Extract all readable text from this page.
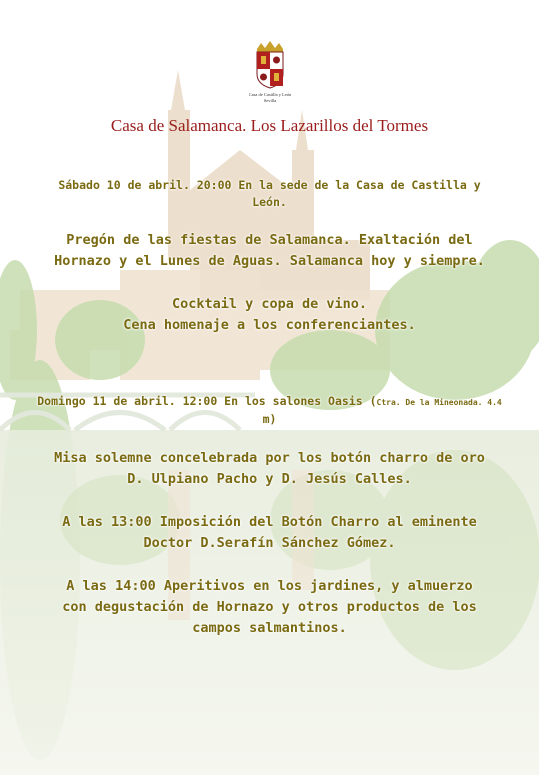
Casa de Castilla y León
Sevilla
Casa de Salamanca. Los Lazarillos del Tormes
Sábado 10 de abril. 20:00 En la sede de la Casa de Castilla y
León.
Pregón de las fiestas de Salamanca. Exaltación del
Hornazo y el Lunes de Aguas. Salamanca hoy y siempre.
Cocktail y copa de vino.
Cena homenaje a los conferenciantes.
Domingo 11 de abril. 12:00 En los salones Oasis (Ctra. De la Mineonada. 4.4
m)
Misa solemne concelebrada por los botón charro de oro
D. Ulpiano Pacho y D. Jesús Calles.
A las 13:00 Imposición del Botón Charro al eminente
Doctor D.Serafín Sánchez Gómez.
A las 14:00 Aperitivos en los jardines, y almuerzo
con degustación de Hornazo y otros productos de los
campos salmantinos.
